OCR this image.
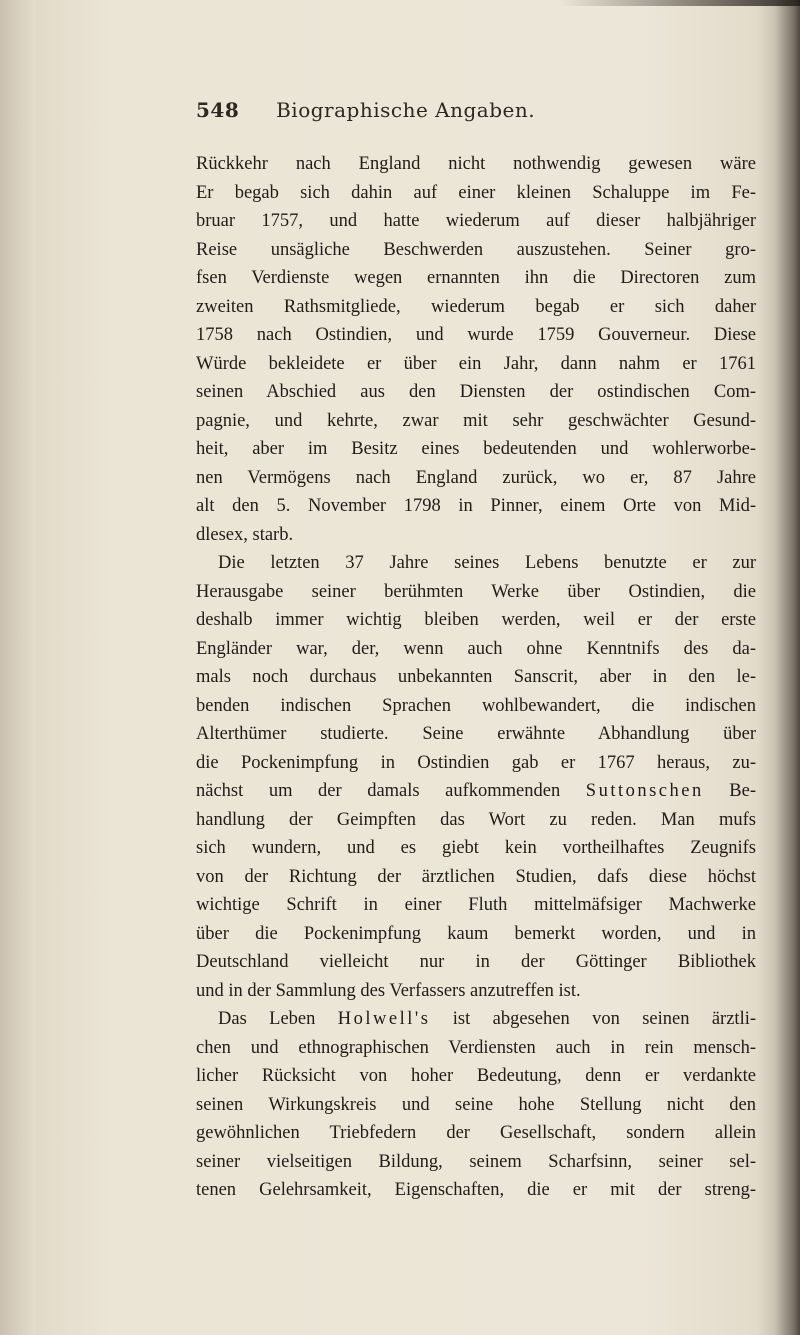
548 Biographische Angaben.
Rückkehr nach England nicht nothwendig gewesen wäre
Er begab sich dahin auf einer kleinen Schaluppe im Fe-
bruar 1757, und hatte wiederum auf dieser halbjähriger
Reise unsägliche Beschwerden auszustehen. Seiner gro-
fsen Verdienste wegen ernannten ihn die Directoren zum
zweiten Rathsmitgliede, wiederum begab er sich daher
1758 nach Ostindien, und wurde 1759 Gouverneur. Diese
Würde bekleidete er über ein Jahr, dann nahm er 1761
seinen Abschied aus den Diensten der ostindischen Com-
pagnie, und kehrte, zwar mit sehr geschwächter Gesund-
heit, aber im Besitz eines bedeutenden und wohlerworbe-
nen Vermögens nach England zurück, wo er, 87 Jahre
alt den 5. November 1798 in Pinner, einem Orte von Mid-
dlesex, starb.
Die letzten 37 Jahre seines Lebens benutzte er zur
Herausgabe seiner berühmten Werke über Ostindien, die
deshalb immer wichtig bleiben werden, weil er der erste
Engländer war, der, wenn auch ohne Kenntnifs des da-
mals noch durchaus unbekannten Sanscrit, aber in den le-
benden indischen Sprachen wohlbewandert, die indischen
Alterthümer studierte. Seine erwähnte Abhandlung über
die Pockenimpfung in Ostindien gab er 1767 heraus, zu-
nächst um der damals aufkommenden Suttonschen Be-
handlung der Geimpften das Wort zu reden. Man mufs
sich wundern, und es giebt kein vortheilhaftes Zeugnifs
von der Richtung der ärztlichen Studien, dafs diese höchst
wichtige Schrift in einer Fluth mittelmäfsiger Machwerke
über die Pockenimpfung kaum bemerkt worden, und in
Deutschland vielleicht nur in der Göttinger Bibliothek
und in der Sammlung des Verfassers anzutreffen ist.
Das Leben Holwell's ist abgesehen von seinen ärztli-
chen und ethnographischen Verdiensten auch in rein mensch-
licher Rücksicht von hoher Bedeutung, denn er verdankte
seinen Wirkungskreis und seine hohe Stellung nicht den
gewöhnlichen Triebfedern der Gesellschaft, sondern allein
seiner vielseitigen Bildung, seinem Scharfsinn, seiner sel-
tenen Gelehrsamkeit, Eigenschaften, die er mit der streng-
